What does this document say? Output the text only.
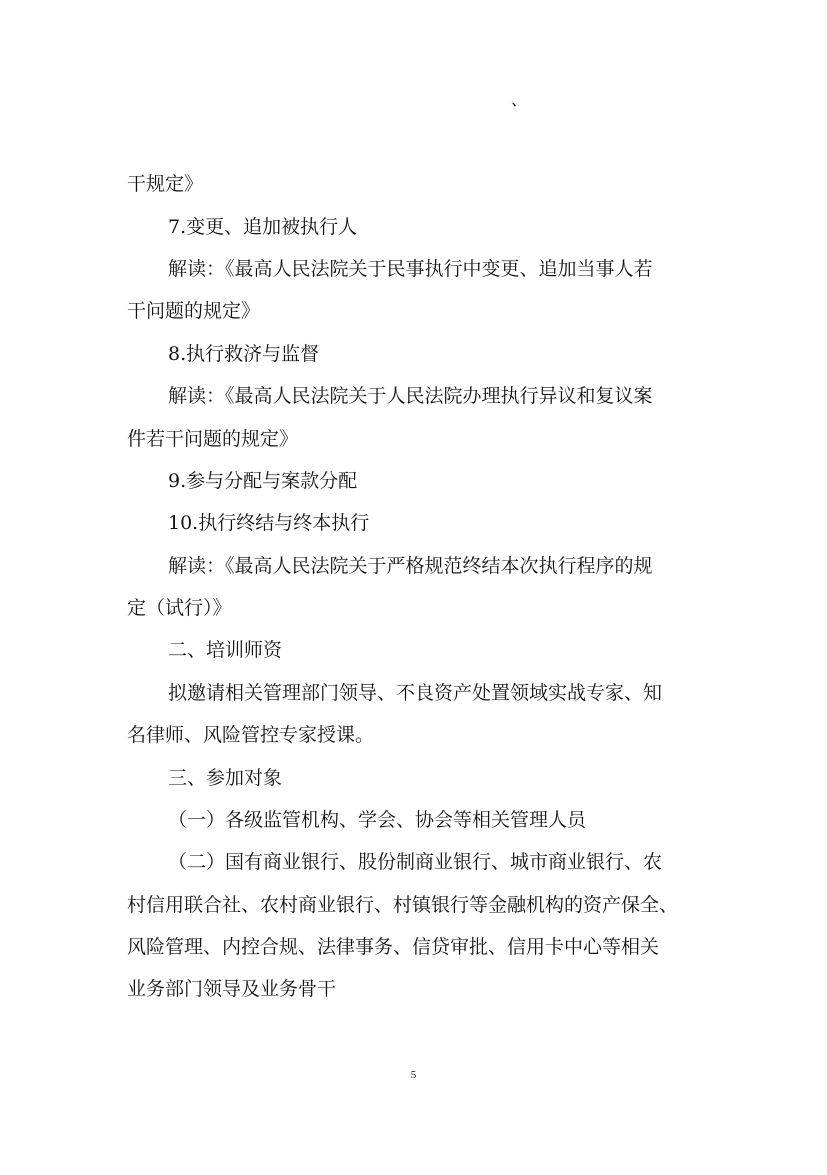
、
干规定》
7.变更、追加被执行人
解读：《最高人民法院关于民事执行中变更、追加当事人若
干问题的规定》
8.执行救济与监督
解读：《最高人民法院关于人民法院办理执行异议和复议案
件若干问题的规定》
9.参与分配与案款分配
10.执行终结与终本执行
解读：《最高人民法院关于严格规范终结本次执行程序的规
定（试行）》
二、培训师资
拟邀请相关管理部门领导、不良资产处置领域实战专家、知
名律师、风险管控专家授课。
三、参加对象
（一）各级监管机构、学会、协会等相关管理人员
（二）国有商业银行、股份制商业银行、城市商业银行、农
村信用联合社、农村商业银行、村镇银行等金融机构的资产保全、
风险管理、内控合规、法律事务、信贷审批、信用卡中心等相关
业务部门领导及业务骨干
5
